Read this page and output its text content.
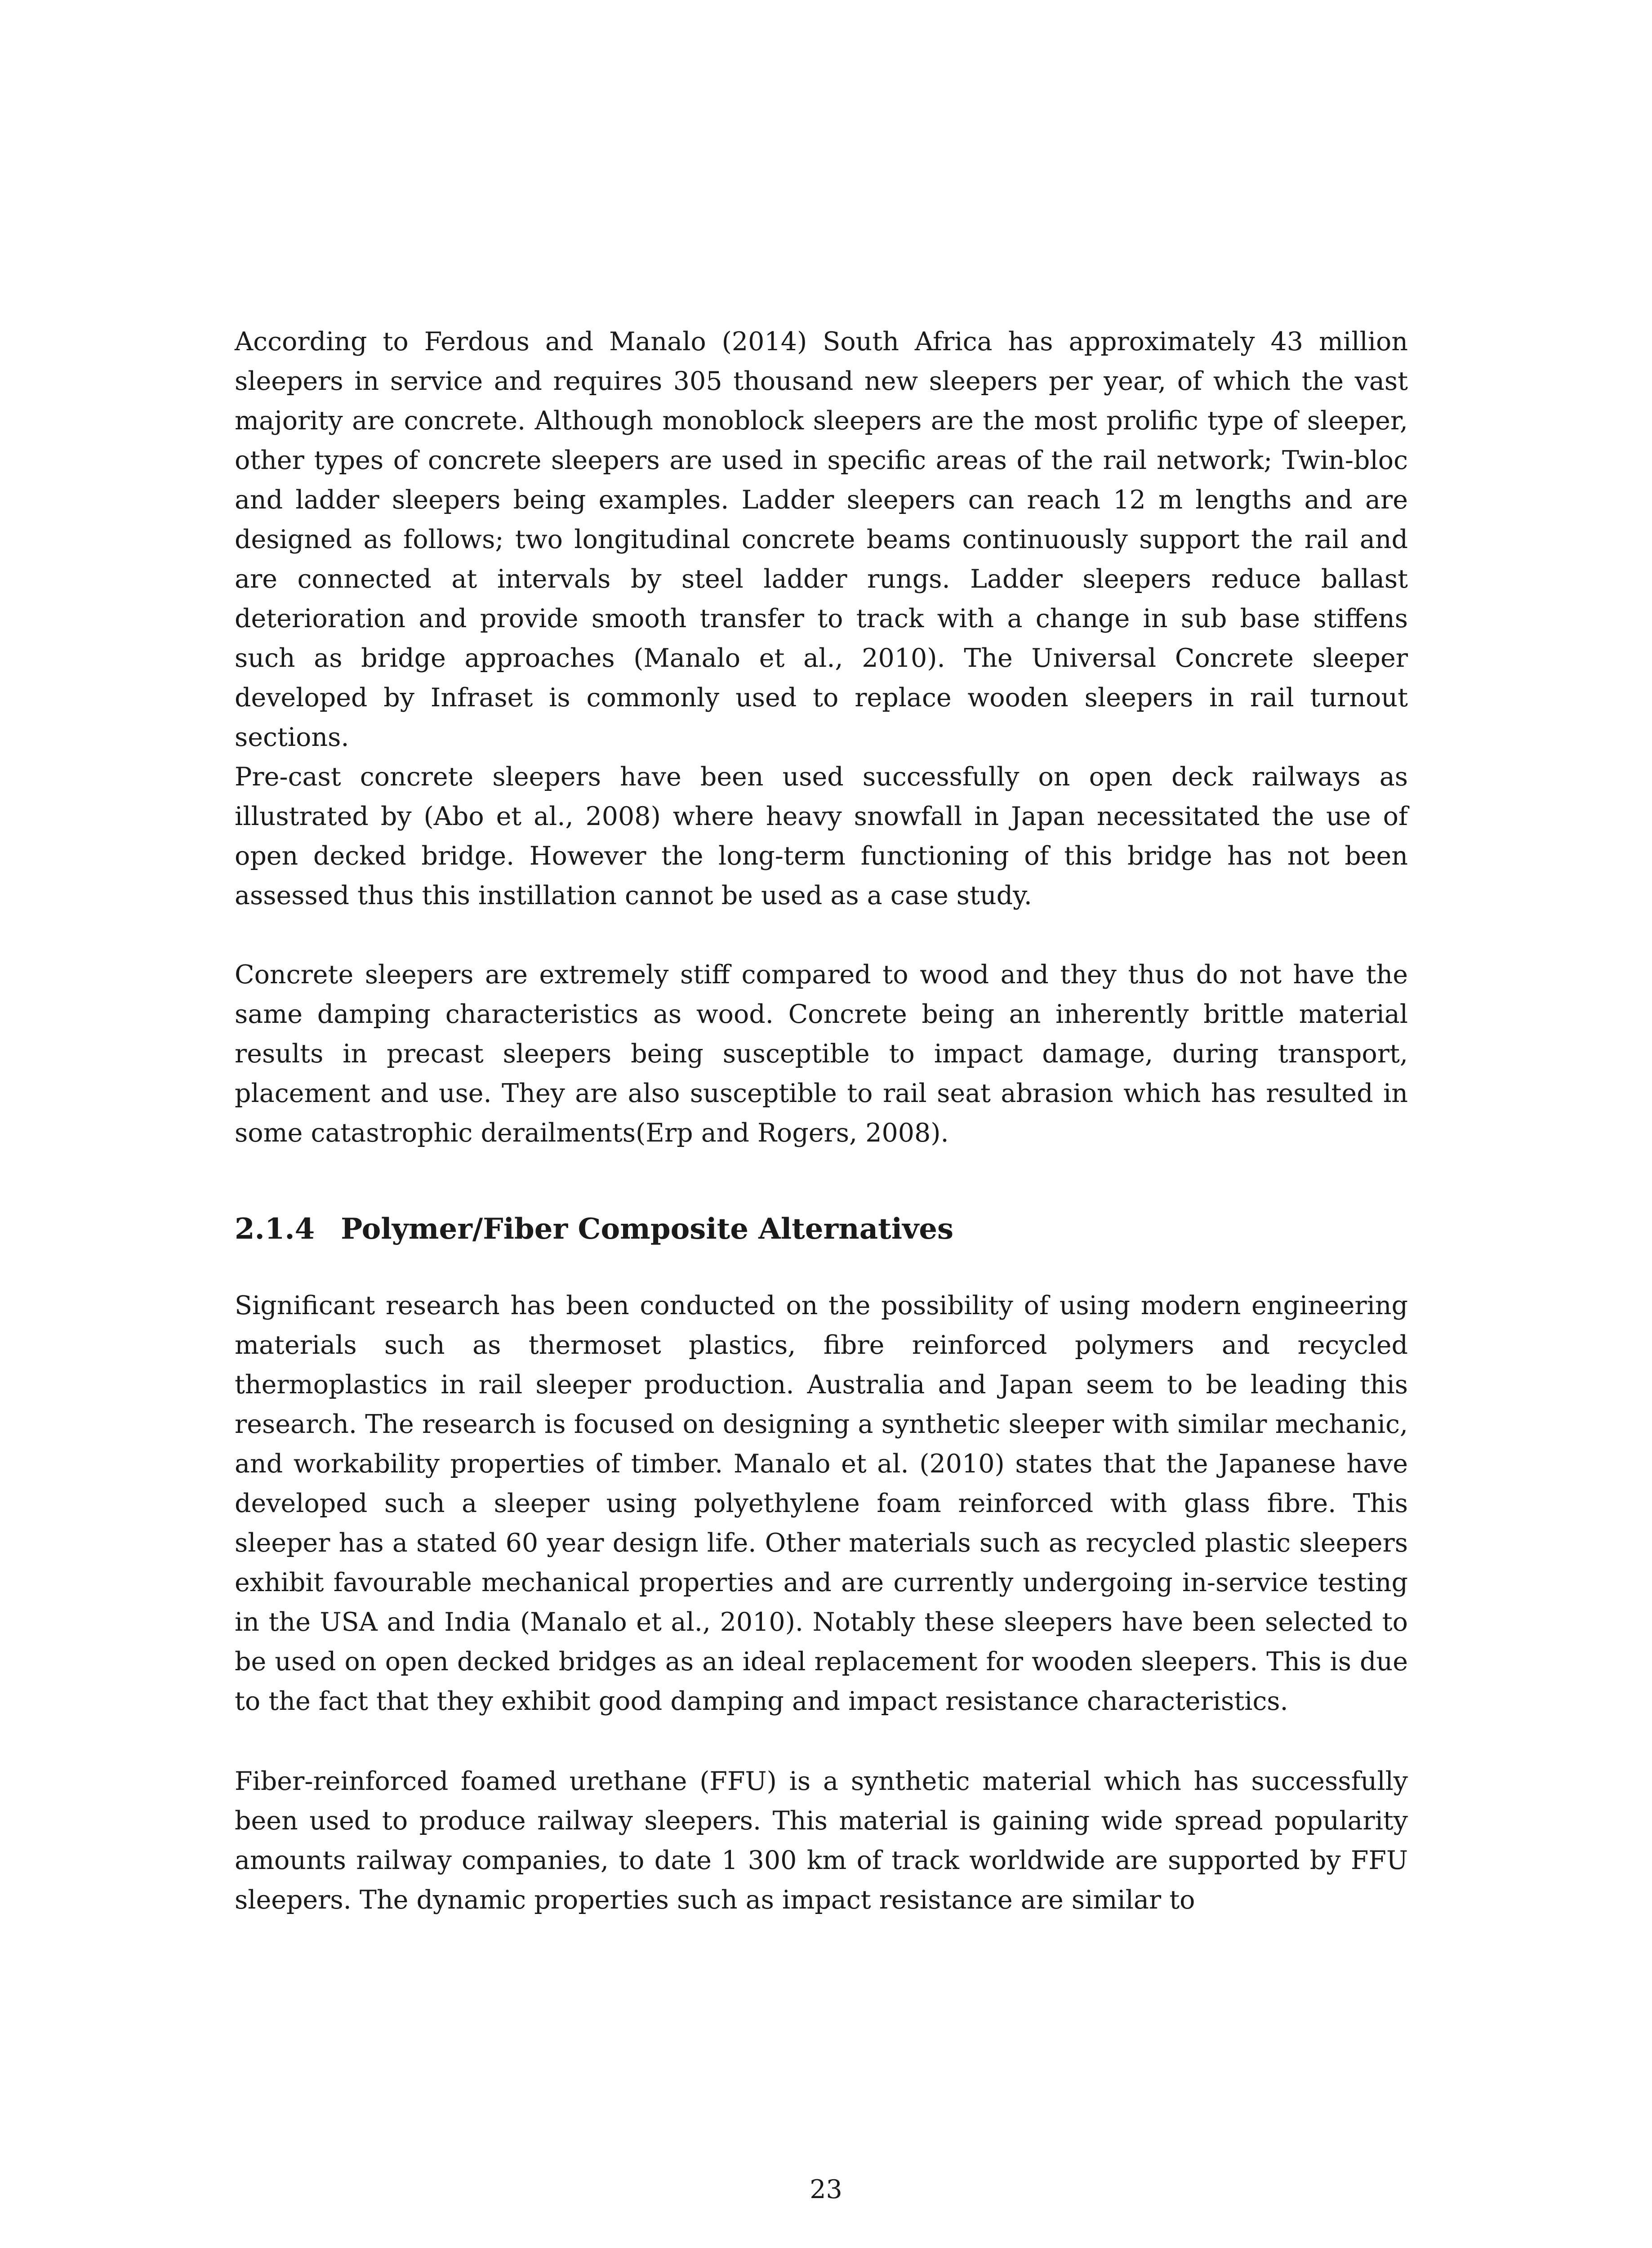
According to Ferdous and Manalo (2014) South Africa has approximately 43 million sleepers in service and requires 305 thousand new sleepers per year, of which the vast majority are concrete. Although monoblock sleepers are the most prolific type of sleeper, other types of concrete sleepers are used in specific areas of the rail network; Twin-bloc and ladder sleepers being examples. Ladder sleepers can reach 12 m lengths and are designed as follows; two longitudinal concrete beams continuously support the rail and are connected at intervals by steel ladder rungs. Ladder sleepers reduce ballast deterioration and provide smooth transfer to track with a change in sub base stiffens such as bridge approaches (Manalo et al., 2010). The Universal Concrete sleeper developed by Infraset is commonly used to replace wooden sleepers in rail turnout sections.

Pre-cast concrete sleepers have been used successfully on open deck railways as illustrated by (Abo et al., 2008) where heavy snowfall in Japan necessitated the use of open decked bridge. However the long-term functioning of this bridge has not been assessed thus this instillation cannot be used as a case study.

Concrete sleepers are extremely stiff compared to wood and they thus do not have the same damping characteristics as wood. Concrete being an inherently brittle material results in precast sleepers being susceptible to impact damage, during transport, placement and use. They are also susceptible to rail seat abrasion which has resulted in some catastrophic derailments(Erp and Rogers, 2008).

2.1.4 Polymer/Fiber Composite Alternatives

Significant research has been conducted on the possibility of using modern engineering materials such as thermoset plastics, fibre reinforced polymers and recycled thermoplastics in rail sleeper production. Australia and Japan seem to be leading this research. The research is focused on designing a synthetic sleeper with similar mechanic, and workability properties of timber. Manalo et al. (2010) states that the Japanese have developed such a sleeper using polyethylene foam reinforced with glass fibre. This sleeper has a stated 60 year design life. Other materials such as recycled plastic sleepers exhibit favourable mechanical properties and are currently undergoing in-service testing in the USA and India (Manalo et al., 2010). Notably these sleepers have been selected to be used on open decked bridges as an ideal replacement for wooden sleepers. This is due to the fact that they exhibit good damping and impact resistance characteristics.

Fiber-reinforced foamed urethane (FFU) is a synthetic material which has successfully been used to produce railway sleepers. This material is gaining wide spread popularity amounts railway companies, to date 1 300 km of track worldwide are supported by FFU sleepers. The dynamic properties such as impact resistance are similar to

23
